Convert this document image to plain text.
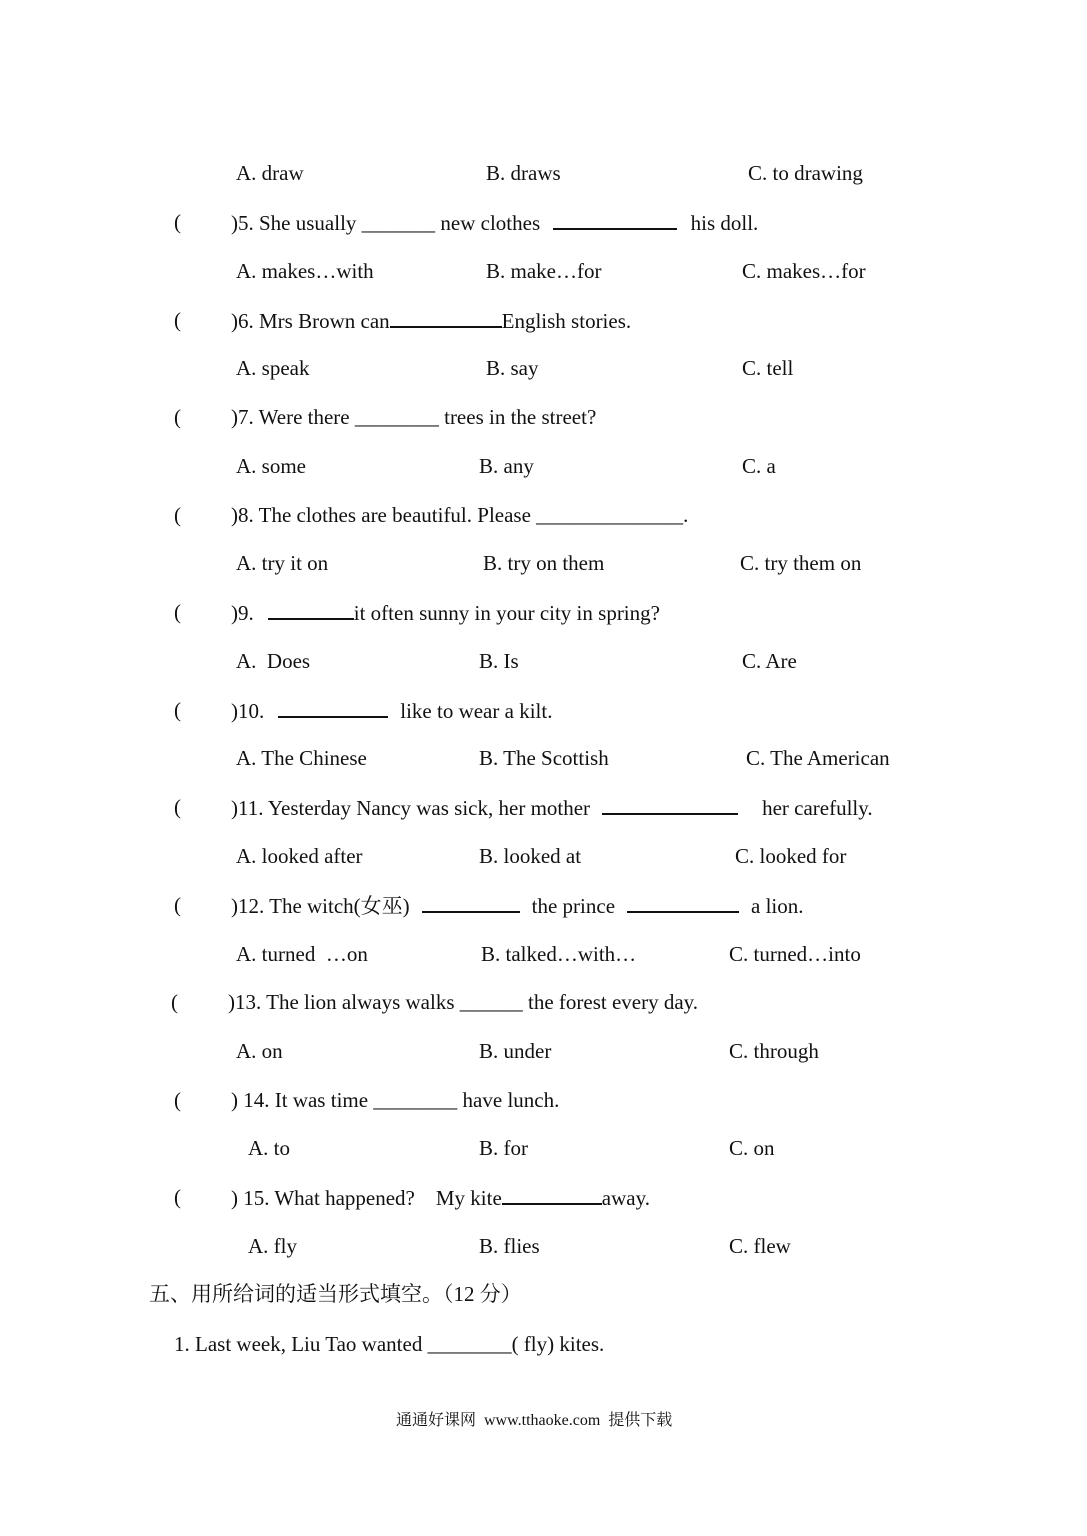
A. draw	B. draws	C. to drawing
( )5. She usually _______ new clothes	his doll.
A. makes…with	B. make…for	C. makes…for
( )6. Mrs Brown can	English stories.
A. speak	B. say	C. tell
( )7. Were there ________ trees in the street?
A. some	B. any	C. a
( )8. The clothes are beautiful. Please ______________.
A. try it on	B. try on them	C. try them on
( )9.	it often sunny in your city in spring?
A.  Does	B. Is	C. Are
( )10.	like to wear a kilt.
A. The Chinese	B. The Scottish	C. The American
( )11. Yesterday Nancy was sick, her mother	her carefully.
A. looked after	B. looked at	C. looked for
( )12. The witch(女巫)	the prince	a lion.
A. turned  …on	B. talked…with…	C. turned…into
( )13. The lion always walks ______ the forest every day.
A. on	B. under	C. through
( ) 14. It was time ________ have lunch.
A. to	B. for	C. on
( ) 15. What happened?    My kite	away.
A. fly	B. flies	C. flew
五、用所给词的适当形式填空。（12 分）
1. Last week, Liu Tao wanted ________( fly) kites.
通通好课网  www.tthaoke.com  提供下载
